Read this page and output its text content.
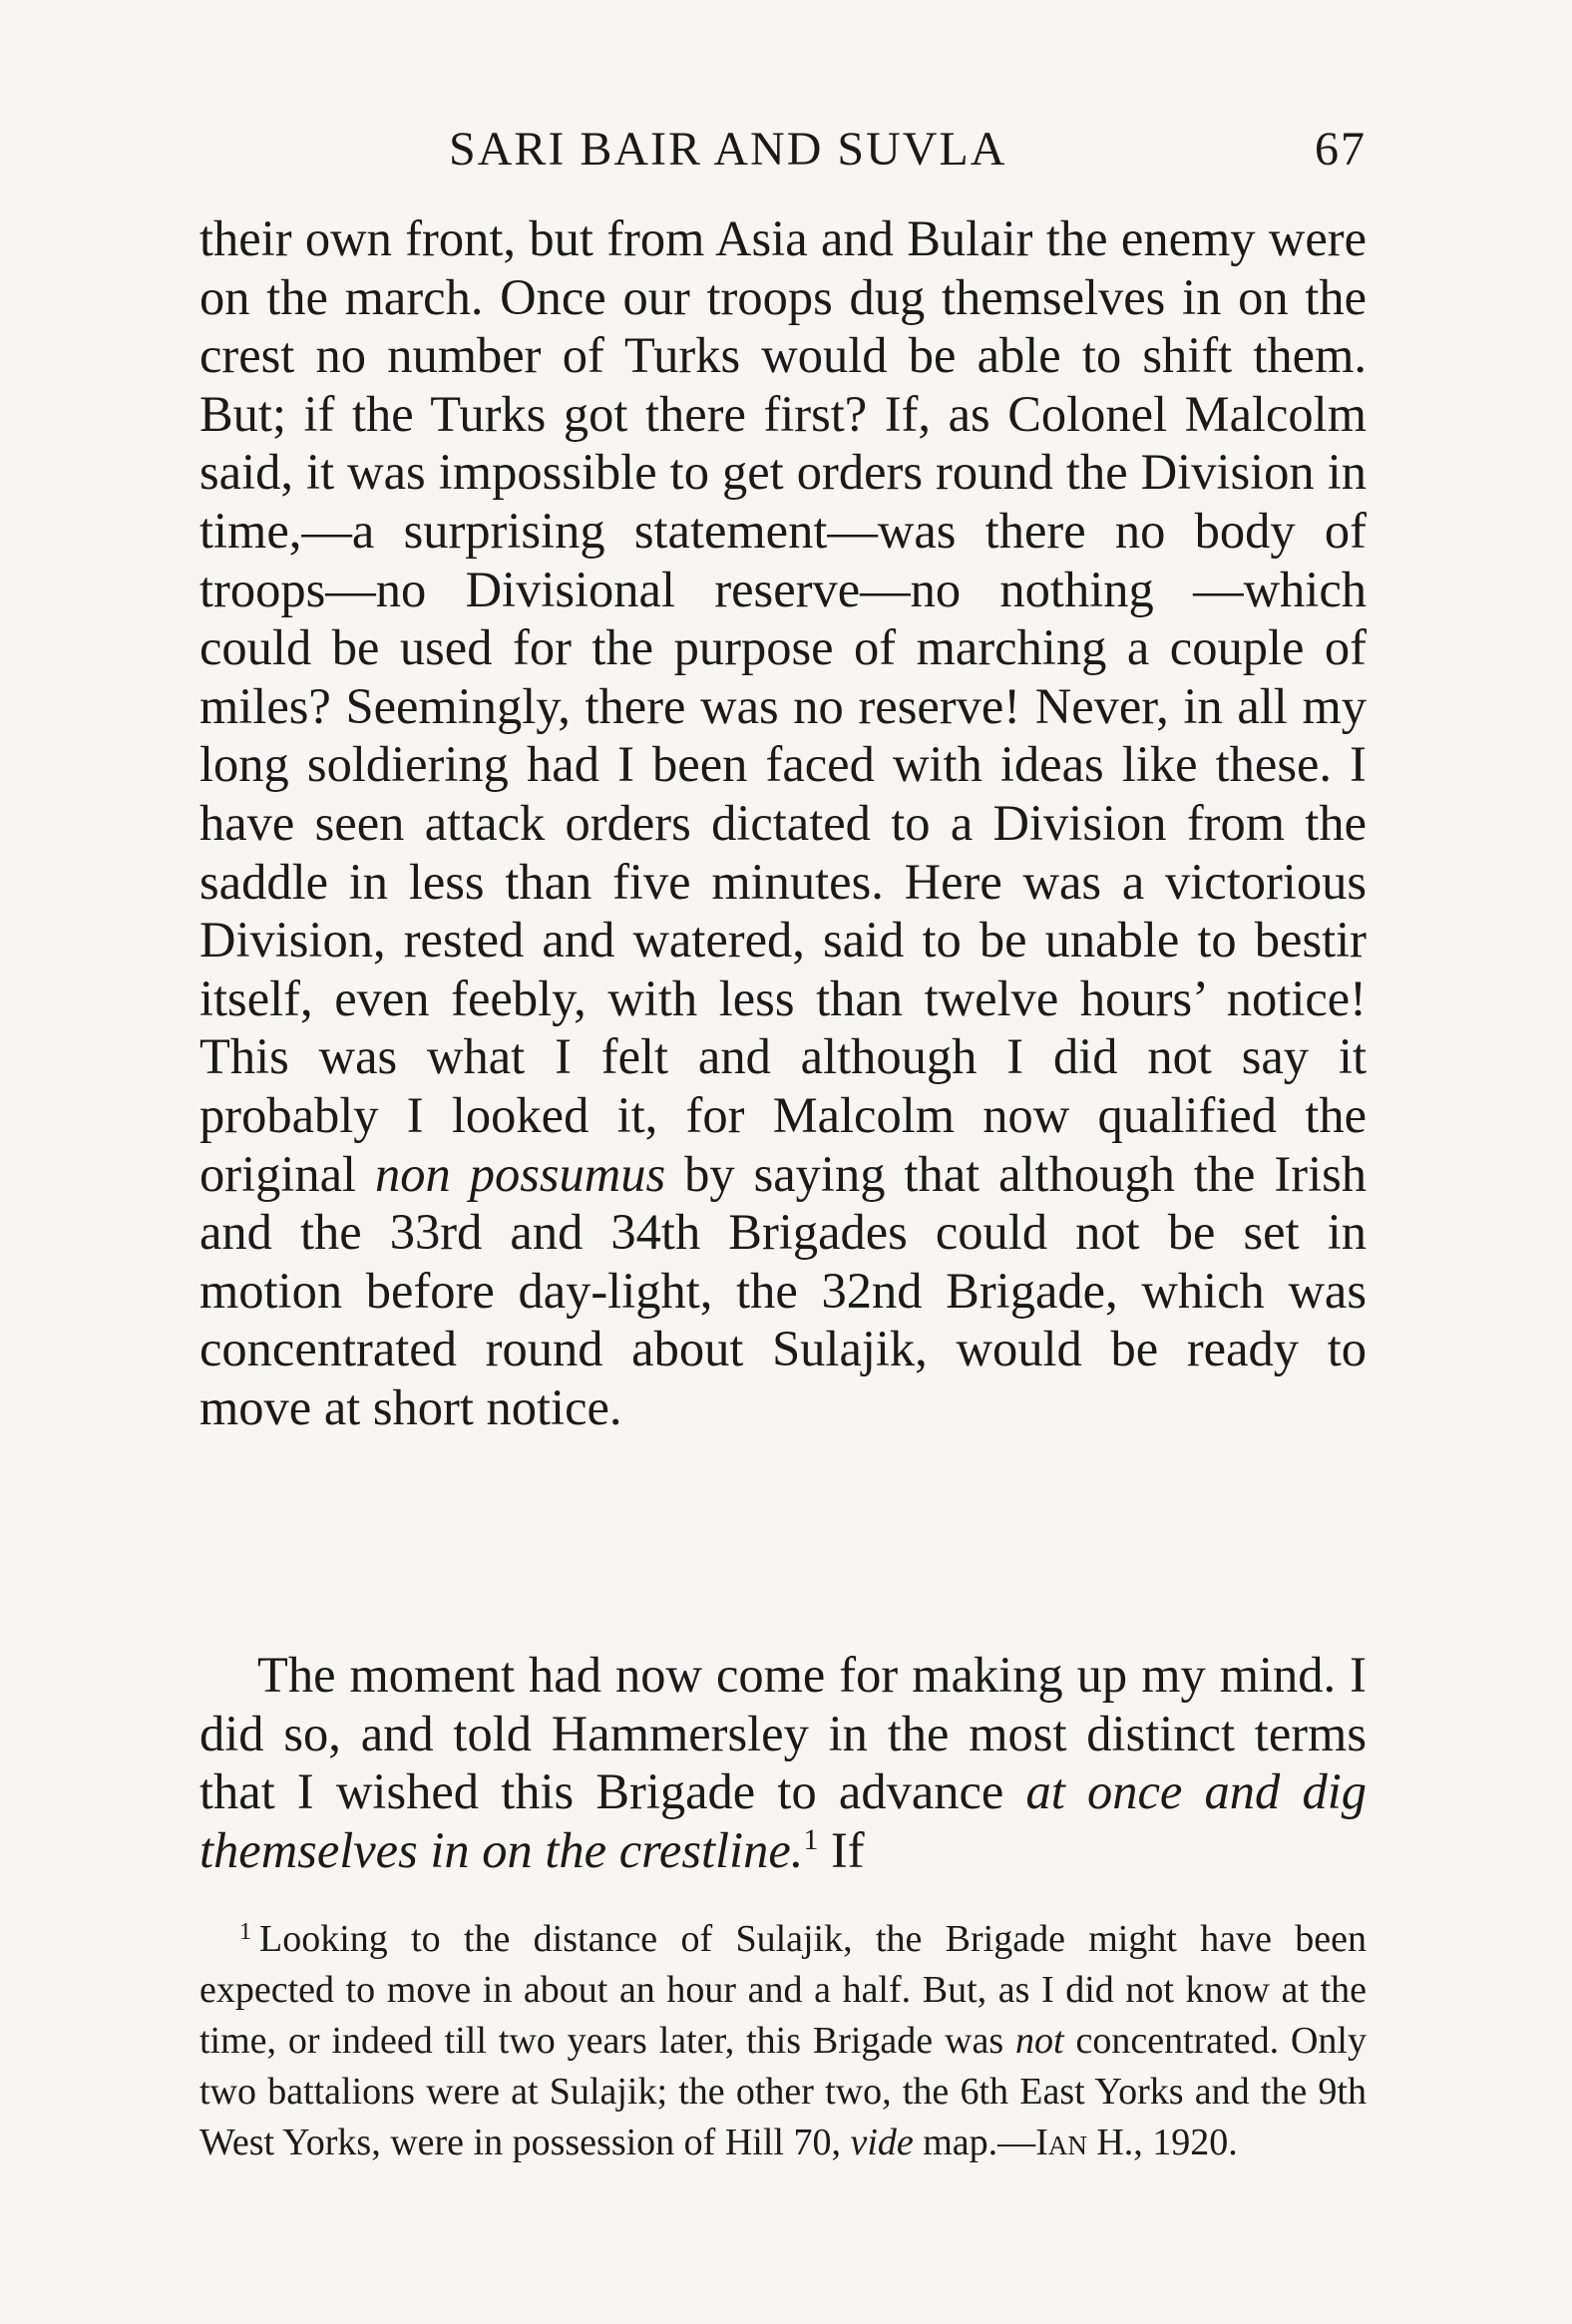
SARI BAIR AND SUVLA	67

their own front, but from Asia and Bulair the enemy were on the march. Once our troops dug themselves in on the crest no number of Turks would be able to shift them. But; if the Turks got there first? If, as Colonel Malcolm said, it was impossible to get orders round the Division in time,—a surprising statement—was there no body of troops—no Divisional reserve—no nothing —which could be used for the purpose of marching a couple of miles? Seemingly, there was no reserve! Never, in all my long soldiering had I been faced with ideas like these. I have seen attack orders dictated to a Division from the saddle in less than five minutes. Here was a victorious Division, rested and watered, said to be unable to bestir itself, even feebly, with less than twelve hours’ notice! This was what I felt and although I did not say it probably I looked it, for Malcolm now qualified the original non possumus by saying that although the Irish and the 33rd and 34th Brigades could not be set in motion before day-light, the 32nd Brigade, which was concentrated round about Sulajik, would be ready to move at short notice.

The moment had now come for making up my mind. I did so, and told Hammersley in the most distinct terms that I wished this Brigade to advance at once and dig themselves in on the crestline.$^1$ If
$^1$ Looking to the distance of Sulajik, the Brigade might have been expected to move in about an hour and a half. But, as I did not know at the time, or indeed till two years later, this Brigade was not concentrated. Only two battalions were at Sulajik; the other two, the 6th East Yorks and the 9th West Yorks, were in possession of Hill 70, vide map.—Ian H., 1920.
